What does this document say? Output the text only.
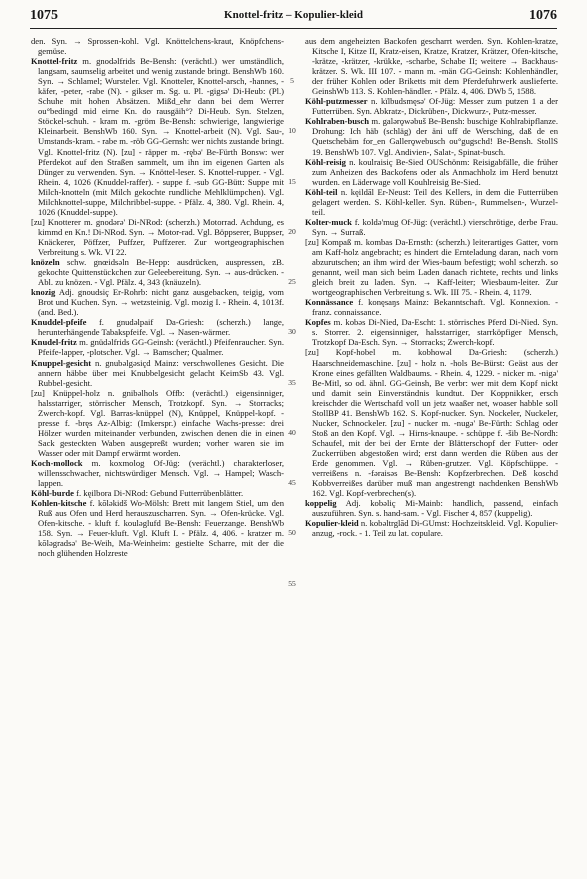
1075	Knottel-fritz – Kopulier-kleid	1076

den. Syn. → Sprossen-kohl. Vgl. Knöttelchens-kraut, Knöpfchens-gemüse.

Knottel-fritz m. gnodəlfrids Be-Bensh: (verächtl.) wer umständlich, langsam, saumselig arbeitet und wenig zustande bringt. BenshWb 160. Syn. → Schlamel; Wursteler. Vgl. Knotteler, Knottel-arsch, -hannes, -käfer, -peter, -rabe (N). - gikser m. Sg. u. Pl. -gigsə' Di-Heub: (Pl.) Schuhe mit hohen Absätzen. Mißd_ehr dann bei dem Werrer ou°bedingd mid eirne Kn. do rausgäih°? Di-Heub. Syn. Stelzen, Stöckel-schuh. - kram m. -gröm Be-Bensh: schwierige, langwierige Kleinarbeit. BenshWb 160. Syn. → Knottel-arbeit (N). Vgl. Sau-, Umstands-kram. - rabe m. -röb GG-Gernsh: wer nichts zustande bringt. Vgl. Knottel-fritz (N). [zu] - räpper m. -rębə' Be-Fürth Bonsw: wer Pferdekot auf den Straßen sammelt, um ihn im eigenen Garten als Dünger zu verwenden. Syn. → Knöttel-leser. S. Knottel-rupper. - Vgl. Rhein. 4, 1026 (Knuddel-raffer). - suppe f. -sub GG-Bütt: Suppe mit Milch-knotteln (mit Milch gekochte rundliche Mehlklümpchen). Vgl. Milchknottel-suppe, Milchribbel-suppe. - Pfälz. 4, 380. Vgl. Rhein. 4, 1026 (Knuddel-suppe).

[zu] Knotterer m. gnodərə' Di-NRod: (scherzh.) Motorrad. Achdung, es kimmd en Kn.! Di-NRod. Syn. → Motor-rad. Vgl. Böppserer, Buppser, Knäckerer, Pöffzer, Puffzer, Puffzerer. Zur wortgeographischen Verbreitung s. Wk. VI 22.

knözeln schw. gnœidsəln Be-Hepp: ausdrücken, auspressen, zB. gekochte Quittenstückchen zur Geleebereitung. Syn. → aus-drücken. - Abl. zu knözen. - Vgl. Pfälz. 4, 343 (knäuzeln).

knozig Adj. gnoudsiç Er-Rohrb: nicht ganz ausgebacken, teigig, vom Brot und Kuchen. Syn. → wetzsteinig. Vgl. mozig I. - Rhein. 4, 1013f. (and. Bed.).

Knuddel-pfeife f. gnudəlpaif Da-Griesh: (scherzh.) lange, herunterhängende Tabakspfeife. Vgl. → Nasen-wärmer.

Knudel-fritz m. gnüdəlfrids GG-Geinsh: (verächtl.) Pfeifenraucher. Syn. Pfeife-lapper, -plotscher. Vgl. → Bamscher; Qualmer.

Knuppel-gesicht n. gnubəlgəsiçd Mainz: verschwollenes Gesicht. Die annern häbbe über mei Knubbelgesicht gelacht KeimSb 43. Vgl. Rubbel-gesicht.

[zu] Knüppel-holz n. gnibəlhols Offb: (verächtl.) eigensinniger, halsstarriger, störrischer Mensch, Trotzkopf. Syn. → Storracks; Zwerch-kopf. Vgl. Barras-knüppel (N), Knüppel, Knüppel-kopf. - presse f. -bręs Az-Albig: (Imkerspr.) einfache Wachs-presse: drei Hölzer wurden miteinander verbunden, zwischen denen die in einen Sack gesteckten Waben ausgepreßt wurden; vorher waren sie im Wasser oder mit Dampf erwärmt worden.

Koch-mollock m. koxmolog Of-Jüg: (verächtl.) charakterloser, willensschwacher, nichtswürdiger Mensch. Vgl. → Hampel; Wasch-lappen.

Köhl-burde f. kęilbora Di-NRod: Gebund Futterrübenblätter.

Kohlen-kitsche f. kōləkidš Wo-Mölsh: Brett mit langem Stiel, um den Ruß aus Ofen und Herd herauszuscharren. Syn. → Ofen-krücke. Vgl. Ofen-kitsche. - kluft f. koulǝglufd Be-Bensh: Feuerzange. BenshWb 158. Syn. → Feuer-kluft. Vgl. Kluft I. - Pfälz. 4, 406. - kratzer m. kōlǝgradsǝ' Be-Weih, Ma-Weinheim: gestielte Scharre, mit der die noch glühenden Holzreste

5
10
15
20
25
30
35
40
45
50
55

aus dem angeheizten Backofen gescharrt werden. Syn. Kohlen-kratze, Kitsche I, Kitze II, Kratz-eisen, Kratze, Kratzer, Krätzer, Ofen-kitsche, -krätze, -krätzer, -krükke, -scharbe, Schabe II; weitere → Backhaus-krätzer. S. Wk. III 107. - mann m. -män GG-Geinsh: Kohlenhändler, der früher Kohlen oder Briketts mit dem Pferdefuhrwerk auslieferte. GeinshWb 113. S. Kohlen-händler. - Pfälz. 4, 406. DWb 5, 1588.

Köhl-putzmesser n. kïlbudsmęsə' Of-Jüg: Messer zum putzen 1 a der Futterrüben. Syn. Abkratz-, Dickrüben-, Dickwurz-, Putz-messer.

Kohlraben-busch m. galərǫwəbuš Be-Bensh: buschige Kohlrabipflanze. Drohung: Ich häb (schläg) der äni uff de Wersching, daß de en Quetschebäm for_en Gallerǫwebusch ou°gugschd! Be-Bensh. StollS 19. BenshWb 107. Vgl. Andivien-, Salat-, Spinat-busch.

Köhl-reisig n. koulraisiç Be-Sied OUSchönm: Reisigabfälle, die früher zum Anheizen des Backofens oder als Anmachholz im Herd benutzt wurden. en Läderwage voll Kouhlreisig Be-Sied.

Köhl-teil n. kęildāl Er-Neust: Teil des Kellers, in dem die Futterrüben gelagert werden. S. Köhl-keller. Syn. Rüben-, Rummelsen-, Wurzel-teil.

Kolter-muck f. koldə'mug Of-Jüg: (verächtl.) vierschrötige, derbe Frau. Syn. → Surraß.

[zu] Kompaß m. kombas Da-Ernsth: (scherzh.) leiterartiges Gatter, vorn am Kaff-holz angebracht; es hindert die Ernteladung daran, nach vorn abzurutschen; an ihm wird der Wies-baum befestigt; wohl scherzh. so genannt, weil man sich beim Laden danach richtete, rechts und links gleich breit zu laden. Syn. → Kaff-leiter; Wiesbaum-leiter. Zur wortgeographischen Verbreitung s. Wk. III 75. - Rhein. 4, 1179.

Konnässance f. konęsaŋs Mainz: Bekanntschaft. Vgl. Konnexion. - franz. connaissance.

Kopfes m. kobəs Di-Nied, Da-Escht: 1. störrisches Pferd Di-Nied. Syn. s. Storrer. 2. eigensinniger, halsstarriger, starrköpfiger Mensch, Trotzkopf Da-Esch. Syn. → Storracks; Zwerch-kopf.

[zu] Kopf-hobel m. kobhowəl Da-Griesh: (scherzh.) Haarschneidemaschine. [zu] - holz n. -hols Be-Bürst: Geäst aus der Krone eines gefällten Waldbaums. - Rhein. 4, 1229. - nicker m. -nigə' Be-Mitl, so od. ähnl. GG-Geinsh, Be verbr: wer mit dem Kopf nickt und damit sein Einverständnis kundtut. Der Koppnikker, ersch kreischder die Wertschafd voll un jetz waaßer net, woaser habble soll StollBP 41. BenshWb 162. S. Kopf-nucker. Syn. Nockeler, Nuckeler, Nucker, Schnockeler. [zu] - nucker m. -nugə' Be-Fürth: Schlag oder Stoß an den Kopf. Vgl. → Hirns-knaupe. - schüppe f. -šib Be-Nordh: Schaufel, mit der bei der Ernte der Blätterschopf der Futter- oder Zuckerrüben abgestoßen wird; erst dann werden die Rüben aus der Erde genommen. Vgl. → Rüben-grutzer. Vgl. Köpfschüppe. - verreißens n. -fəraisəs Be-Bensh: Kopfzerbrechen. Deß koschd Kobbverreißes darüber muß man angestrengt nachdenken BenshWb 162. Vgl. Kopf-verbrechen(s).

koppelig Adj. kobəliç Mi-Mainb: handlich, passend, einfach auszuführen. Syn. s. hand-sam. - Vgl. Fischer 4, 857 (kuppelig).

Kopulier-kleid n. kobəltrglād Di-GUmst: Hochzeitskleid. Vgl. Kopulier-anzug, -rock. - 1. Teil zu lat. copulare.
